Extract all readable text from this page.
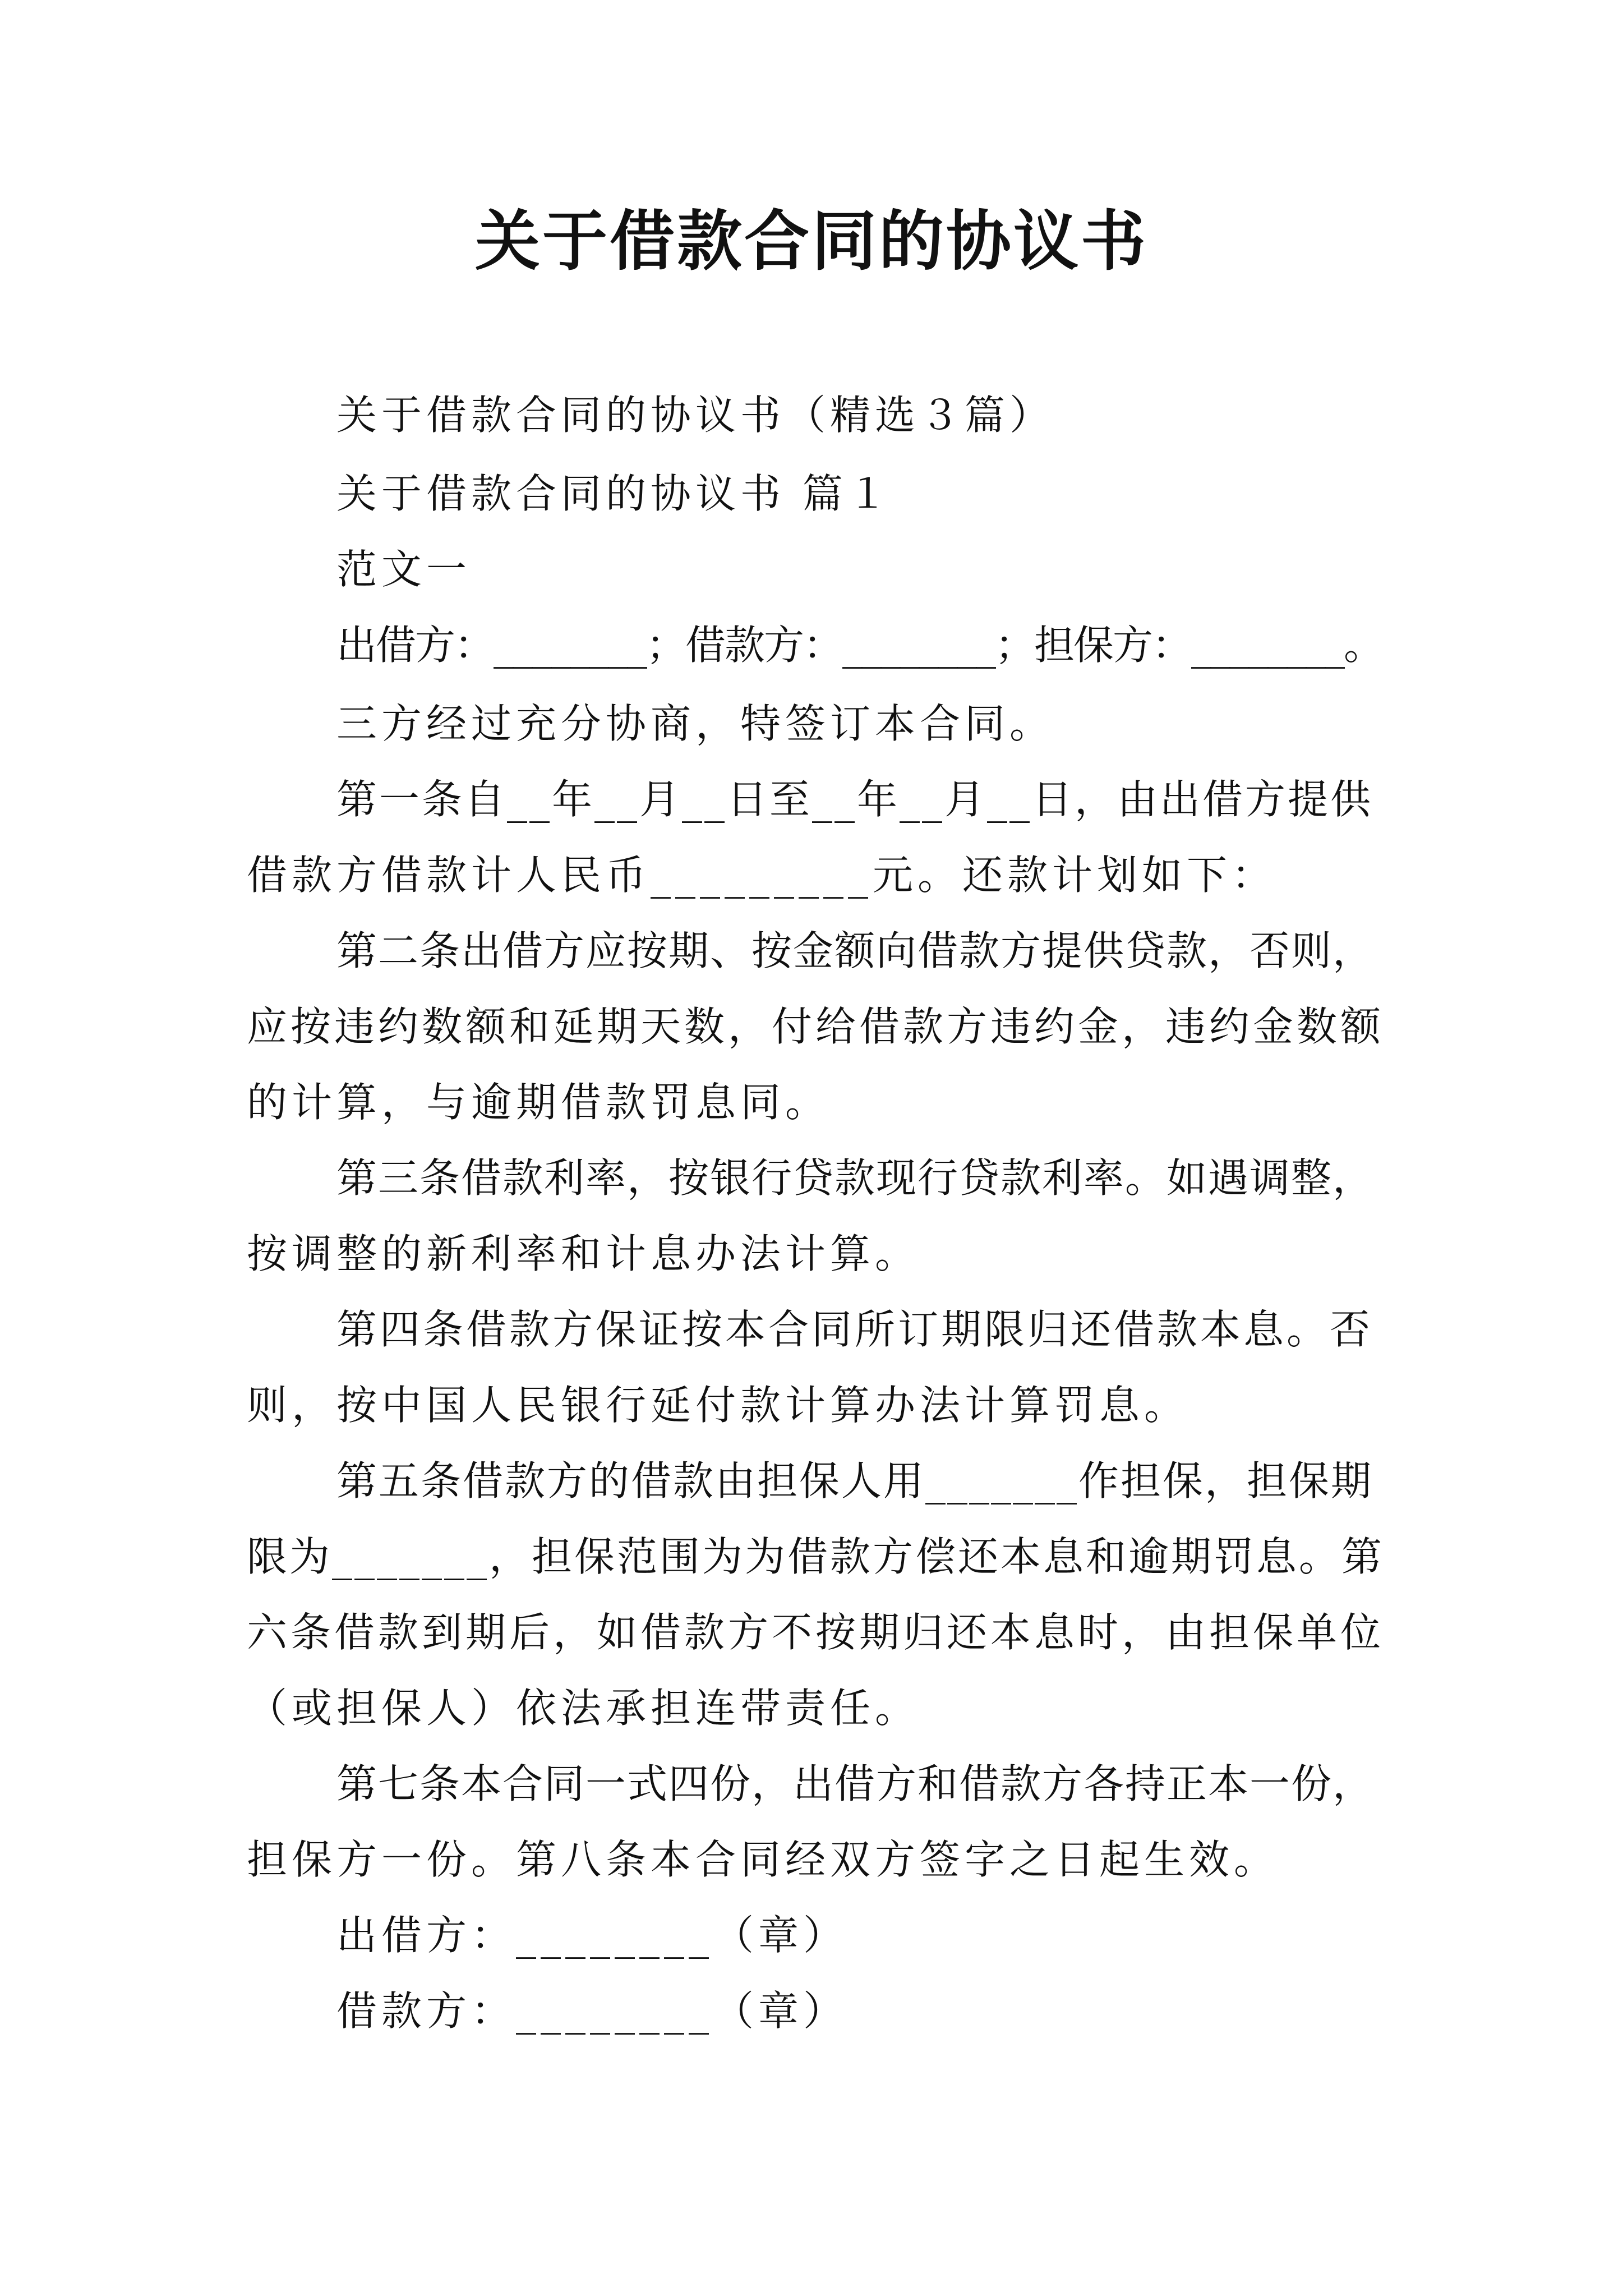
关于借款合同的协议书
关于借款合同的协议书（精选３篇）
关于借款合同的协议书 篇１
范文一
出借方：________；借款方：________；担保方：________。
三方经过充分协商，特签订本合同。
第一条自__年__月__日至__年__月__日，由出借方提供
借款方借款计人民币_________元。还款计划如下：
第二条出借方应按期、按金额向借款方提供贷款，否则，
应按违约数额和延期天数，付给借款方违约金，违约金数额
的计算，与逾期借款罚息同。
第三条借款利率，按银行贷款现行贷款利率。如遇调整，
按调整的新利率和计息办法计算。
第四条借款方保证按本合同所订期限归还借款本息。否
则，按中国人民银行延付款计算办法计算罚息。
第五条借款方的借款由担保人用_______作担保，担保期
限为_______，担保范围为为借款方偿还本息和逾期罚息。第
六条借款到期后，如借款方不按期归还本息时，由担保单位
（或担保人）依法承担连带责任。
第七条本合同一式四份，出借方和借款方各持正本一份，
担保方一份。第八条本合同经双方签字之日起生效。
出借方：________（章）
借款方：________（章）
